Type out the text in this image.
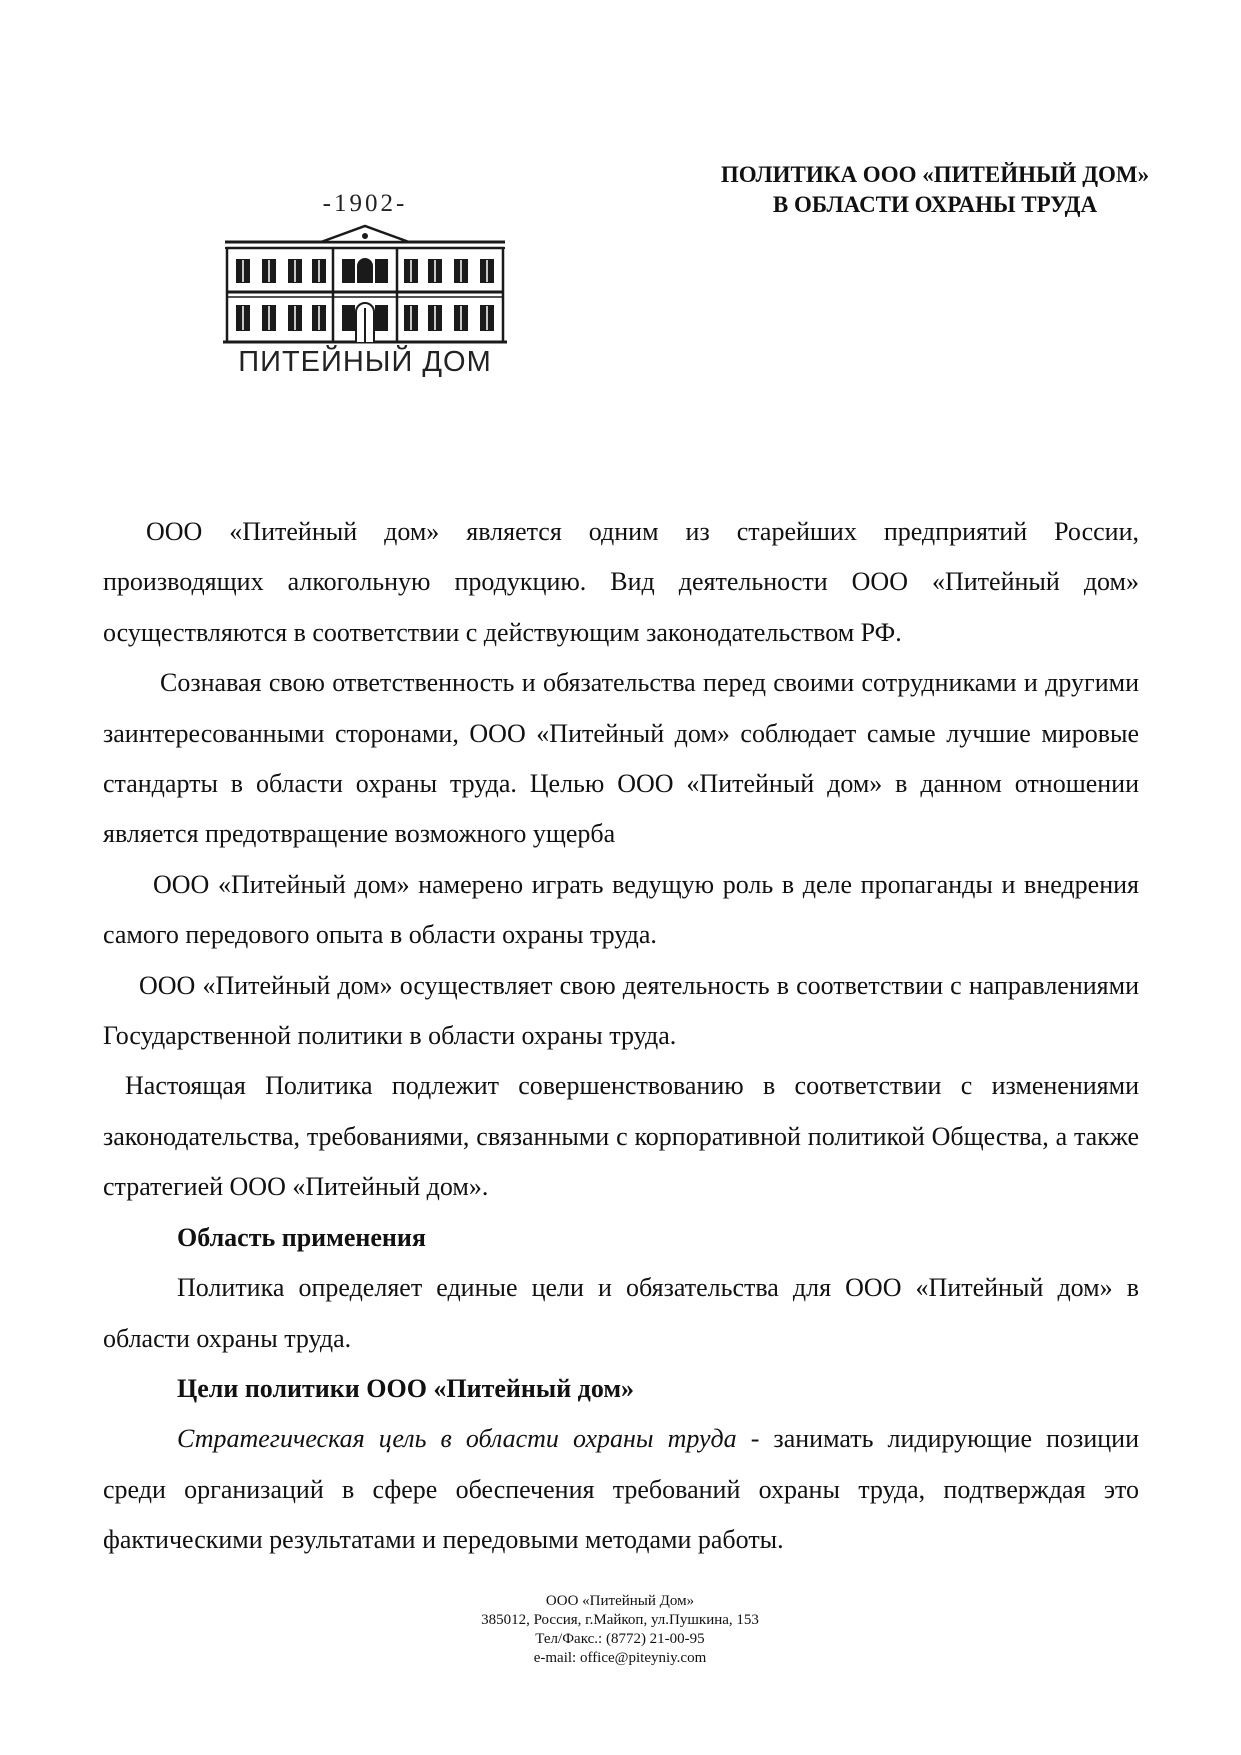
ПОЛИТИКА ООО «ПИТЕЙНЫЙ ДОМ»
В ОБЛАСТИ ОХРАНЫ ТРУДА
-1902-
ПИТЕЙНЫЙ ДОМ

ООО «Питейный дом» является одним из старейших предприятий России, производящих алкогольную продукцию. Вид деятельности ООО «Питейный дом» осуществляются в соответствии с действующим законодательством РФ.

Сознавая свою ответственность и обязательства перед своими сотрудниками и другими заинтересованными сторонами, ООО «Питейный дом» соблюдает самые лучшие мировые стандарты в области охраны труда. Целью ООО «Питейный дом» в данном отношении является предотвращение возможного ущерба

ООО «Питейный дом» намерено играть ведущую роль в деле пропаганды и внедрения самого передового опыта в области охраны труда.

ООО «Питейный дом» осуществляет свою деятельность в соответствии с направлениями Государственной политики в области охраны труда.

Настоящая Политика подлежит совершенствованию в соответствии с изменениями законодательства, требованиями, связанными с корпоративной политикой Общества, а также стратегией ООО «Питейный дом».

Область применения

Политика определяет единые цели и обязательства для ООО «Питейный дом» в области охраны труда.

Цели политики ООО «Питейный дом»

Стратегическая цель в области охраны труда - занимать лидирующие позиции среди организаций в сфере обеспечения требований охраны труда, подтверждая это фактическими результатами и передовыми методами работы.

ООО «Питейный Дом»
385012, Россия, г.Майкоп, ул.Пушкина, 153
Тел/Факс.: (8772) 21-00-95
e-mail: office@piteyniy.com
